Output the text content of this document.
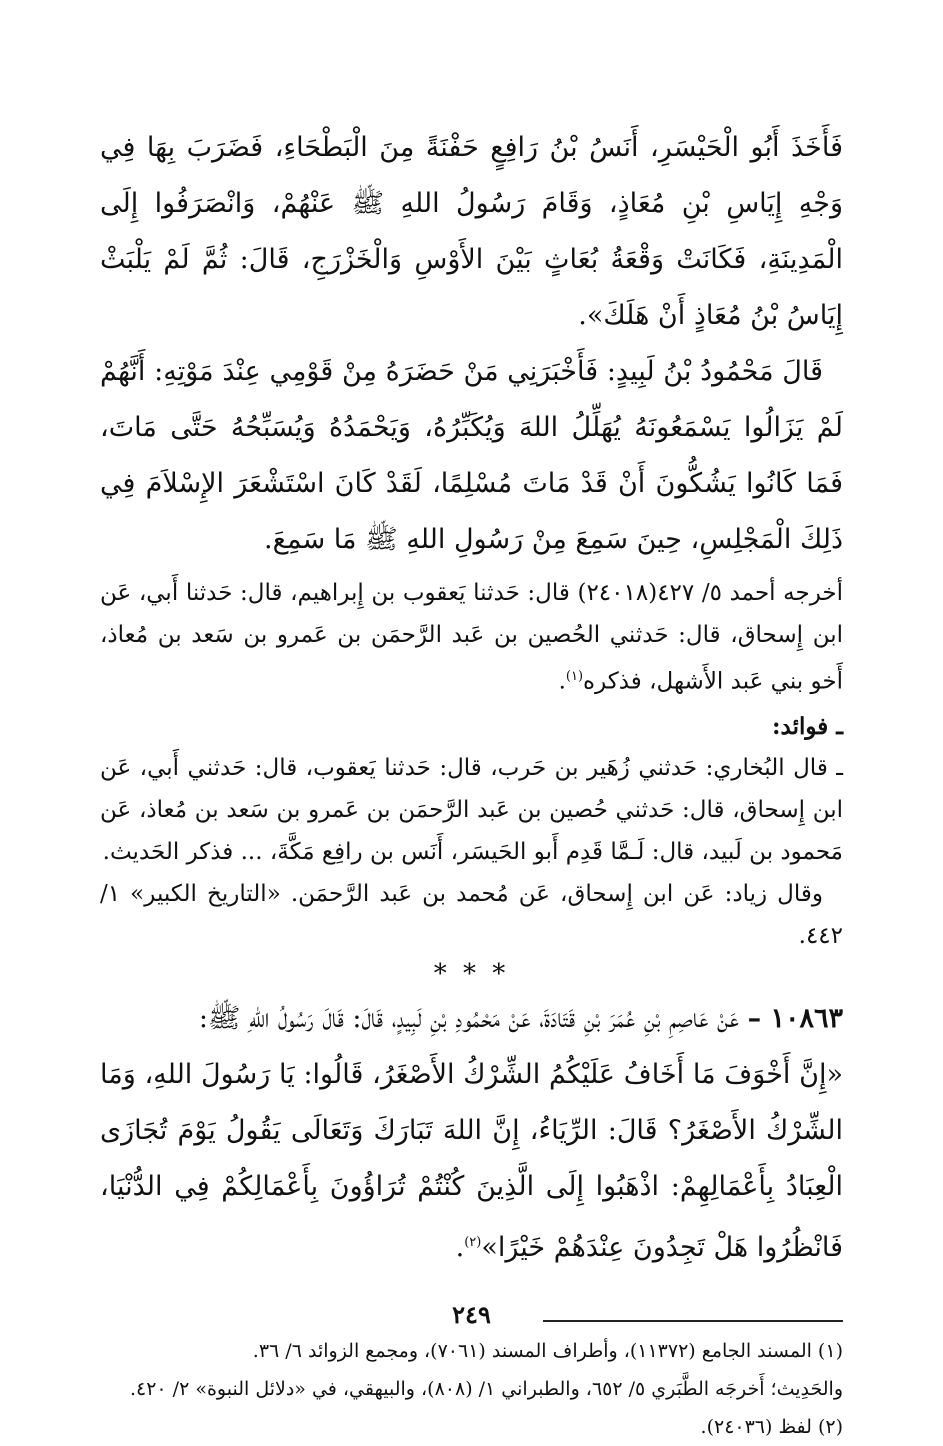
فَأَخَذَ أَبُو الْحَيْسَرِ، أَنَسُ بْنُ رَافِعٍ حَفْنَةً مِنَ الْبَطْحَاءِ، فَضَرَبَ بِهَا فِي وَجْهِ إِيَاسِ بْنِ مُعَاذٍ، وَقَامَ رَسُولُ اللهِ ﷺ عَنْهُمْ، وَانْصَرَفُوا إِلَى الْمَدِينَةِ، فَكَانَتْ وَقْعَةُ بُعَاثٍ بَيْنَ الأَوْسِ وَالْخَزْرَجِ، قَالَ: ثُمَّ لَمْ يَلْبَثْ إِيَاسُ بْنُ مُعَاذٍ أَنْ هَلَكَ».

قَالَ مَحْمُودُ بْنُ لَبِيدٍ: فَأَخْبَرَنِي مَنْ حَضَرَهُ مِنْ قَوْمِي عِنْدَ مَوْتِهِ: أَنَّهُمْ لَمْ يَزَالُوا يَسْمَعُونَهُ يُهَلِّلُ اللهَ وَيُكَبِّرُهُ، وَيَحْمَدُهُ وَيُسَبِّحُهُ حَتَّى مَاتَ، فَمَا كَانُوا يَشُكُّونَ أَنْ قَدْ مَاتَ مُسْلِمًا، لَقَدْ كَانَ اسْتَشْعَرَ الإِسْلاَمَ فِي ذَلِكَ الْمَجْلِسِ، حِينَ سَمِعَ مِنْ رَسُولِ اللهِ ﷺ مَا سَمِعَ.

أخرجه أحمد ٥/ ٤٢٧(٢٤٠١٨) قال: حَدثنا يَعقوب بن إِبراهيم، قال: حَدثنا أَبي، عَن ابن إِسحاق، قال: حَدثني الحُصين بن عَبد الرَّحمَن بن عَمرو بن سَعد بن مُعاذ، أَخو بني عَبد الأَشهل، فذكره$^{(١)}$.

ـ فوائد:

ـ قال البُخاري: حَدثني زُهَير بن حَرب، قال: حَدثنا يَعقوب، قال: حَدثني أَبي، عَن ابن إِسحاق، قال: حَدثني حُصين بن عَبد الرَّحمَن بن عَمرو بن سَعد بن مُعاذ، عَن مَحمود بن لَبيد، قال: لَـمَّا قَدِم أَبو الحَيسَر، أَنَس بن رافِع مَكَّةَ، ... فذكر الحَديث.

وقال زياد: عَن ابن إِسحاق، عَن مُحمد بن عَبد الرَّحمَن. «التاريخ الكبير» ١/ ٤٤٢.

* * *

١٠٨٦٣ – عَنْ عَاصِمِ بْنِ عُمَرَ بْنِ قَتَادَةَ، عَنْ مَحْمُودِ بْنِ لَبِيدٍ، قَالَ: قَالَ رَسُولُ اللهِ ﷺ:

«إِنَّ أَخْوَفَ مَا أَخَافُ عَلَيْكُمُ الشِّرْكُ الأَصْغَرُ، قَالُوا: يَا رَسُولَ اللهِ، وَمَا الشِّرْكُ الأَصْغَرُ؟ قَالَ: الرِّيَاءُ، إِنَّ اللهَ تَبَارَكَ وَتَعَالَى يَقُولُ يَوْمَ تُجَازَى الْعِبَادُ بِأَعْمَالِهِمْ: اذْهَبُوا إِلَى الَّذِينَ كُنْتُمْ تُرَاؤُونَ بِأَعْمَالِكُمْ فِي الدُّنْيَا، فَانْظُرُوا هَلْ تَجِدُونَ عِنْدَهُمْ خَيْرًا»$^{(٢)}$.

(١) المسند الجامع (١١٣٧٢)، وأطراف المسند (٧٠٦١)، ومجمع الزوائد ٦/ ٣٦.

والحَدِيث؛ أَخرجَه الطَّبَري ٥/ ٦٥٢، والطبراني ١/ (٨٠٨)، والبيهقي، في «دلائل النبوة» ٢/ ٤٢٠.

(٢) لفظ (٢٤٠٣٦).

٢٤٩
